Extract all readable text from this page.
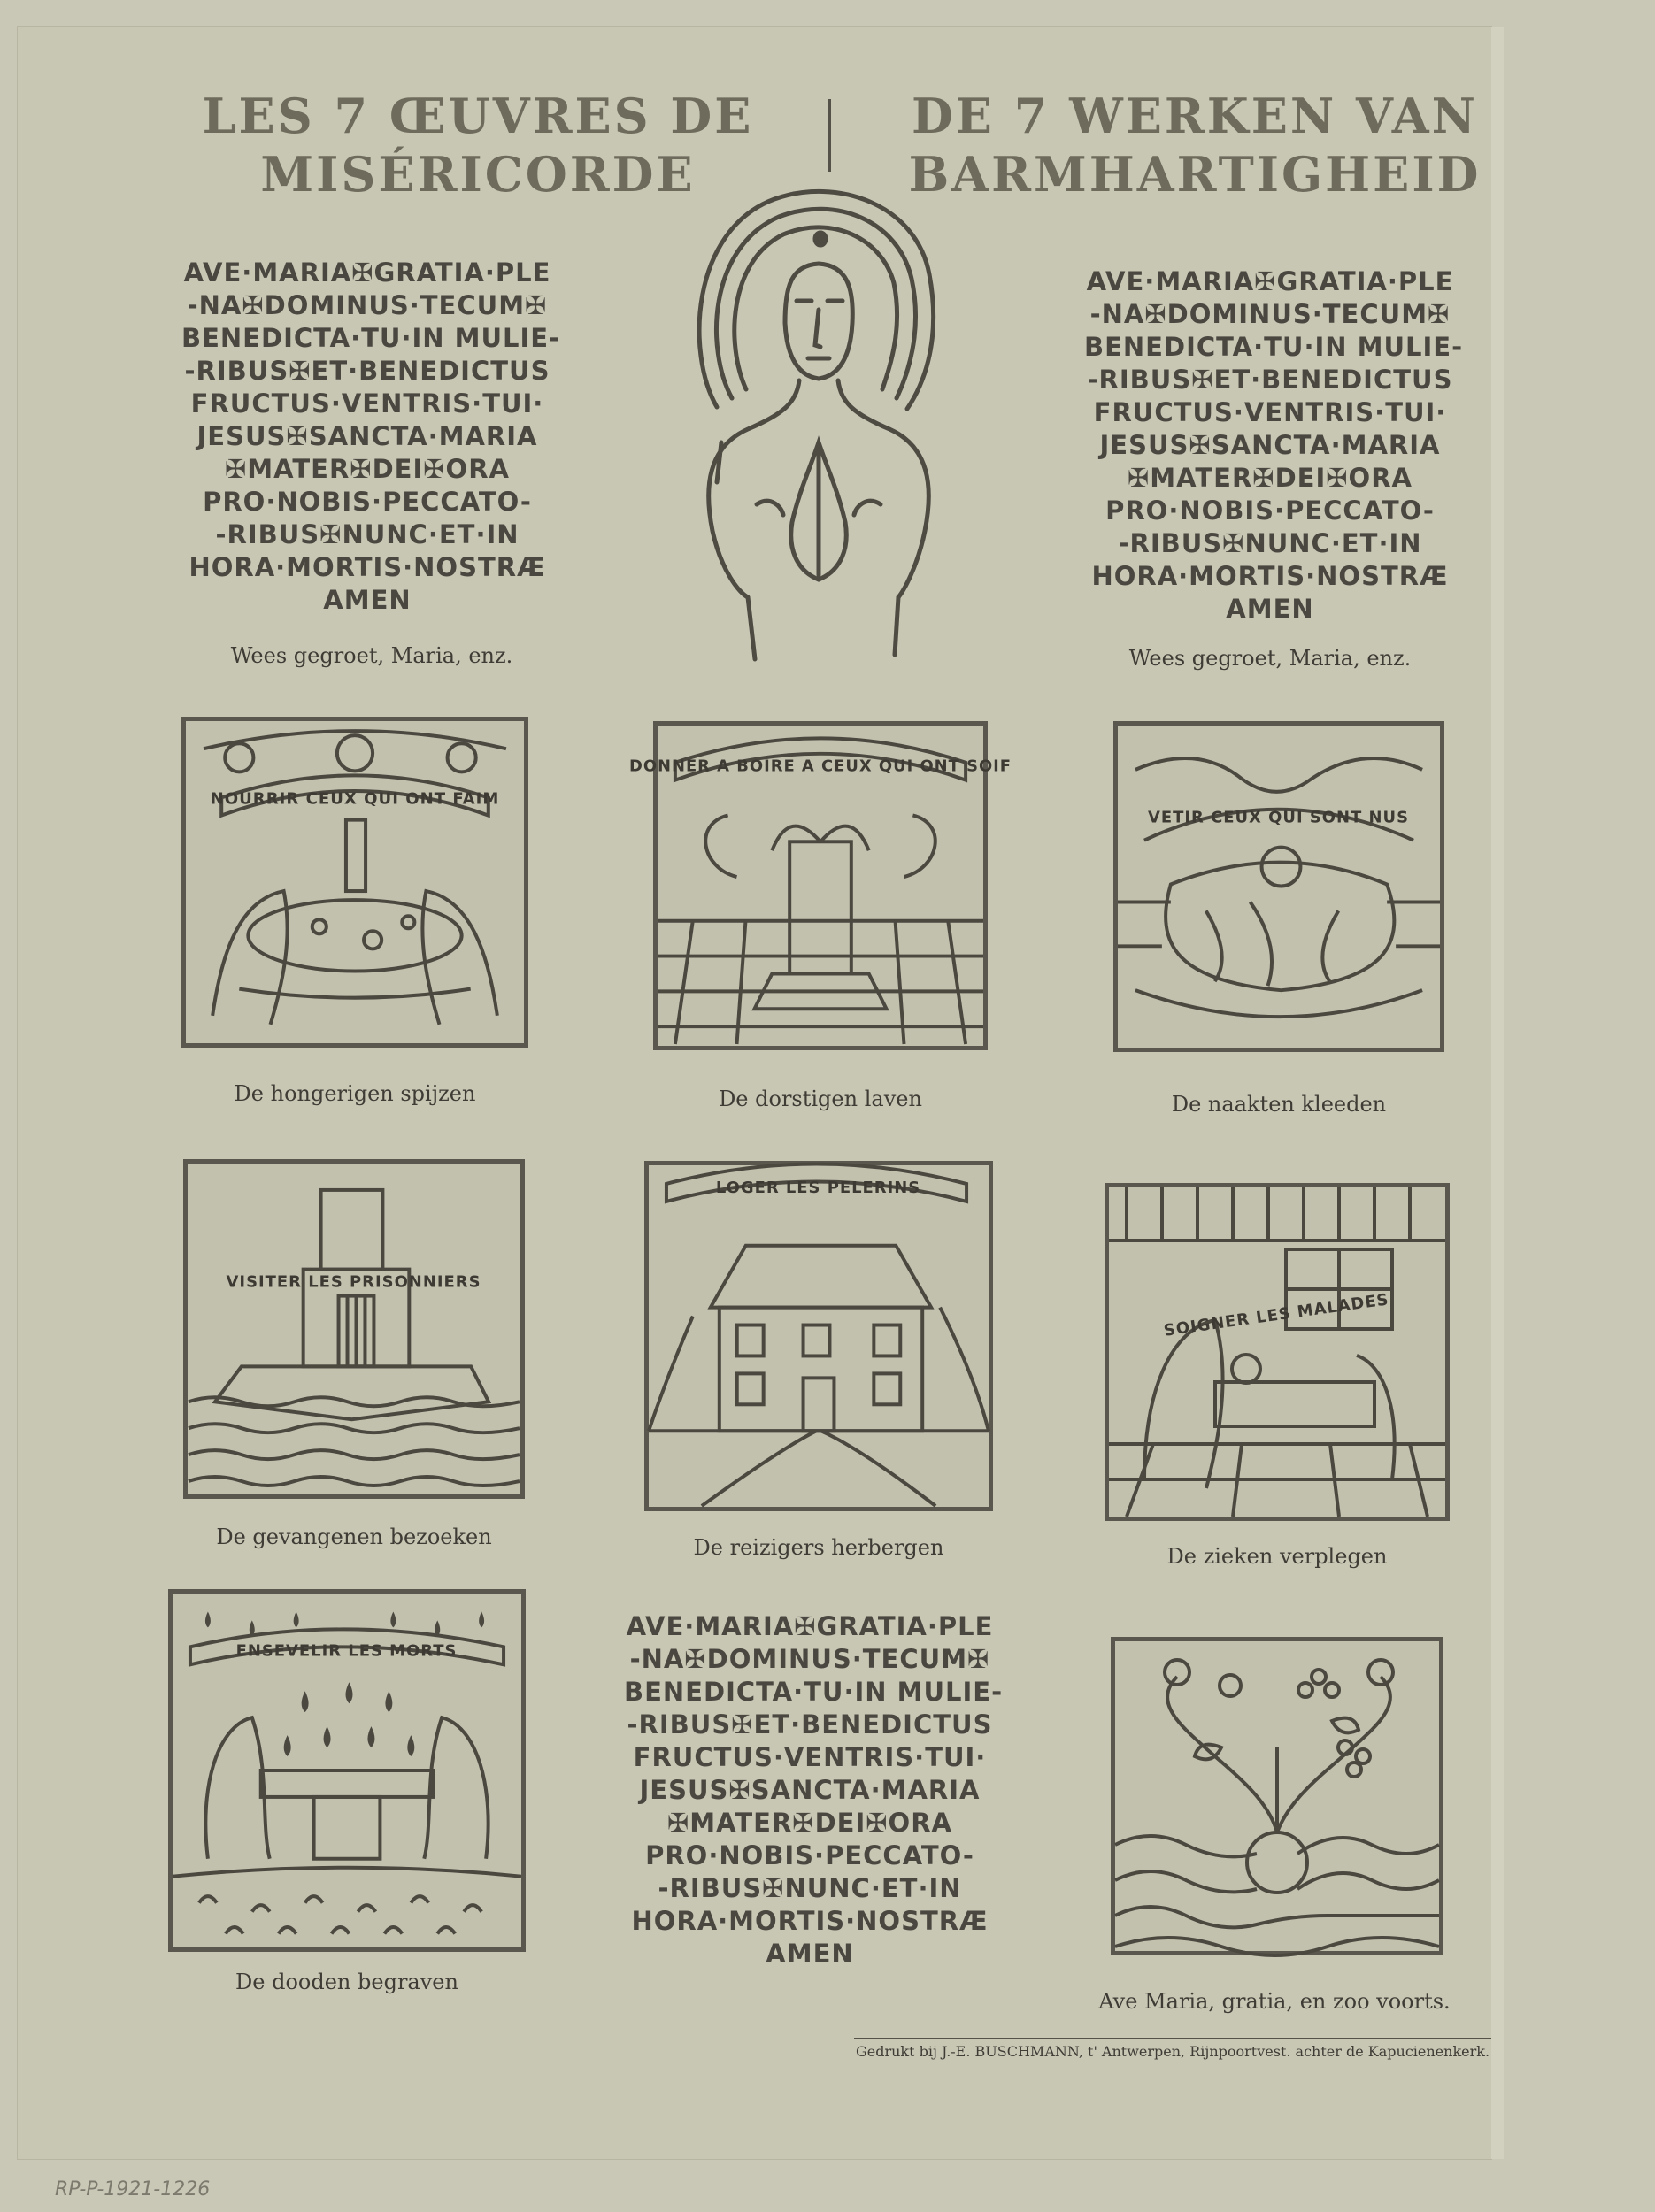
LES 7 ŒUVRES DE
MISÉRICORDE
DE 7 WERKEN VAN
BARMHARTIGHEID
AVE·MARIA✠GRATIA·PLE
-NA✠DOMINUS·TECUM✠
BENEDICTA·TU·IN MULIE-
-RIBUS✠ET·BENEDICTUS
FRUCTUS·VENTRIS·TUI·
JESUS✠SANCTA·MARIA
✠MATER✠DEI✠ORA
PRO·NOBIS·PECCATO-
-RIBUS✠NUNC·ET·IN
HORA·MORTIS·NOSTRÆ
AMEN
Wees gegroet, Maria, enz.
AVE·MARIA✠GRATIA·PLE
-NA✠DOMINUS·TECUM✠
BENEDICTA·TU·IN MULIE-
-RIBUS✠ET·BENEDICTUS
FRUCTUS·VENTRIS·TUI·
JESUS✠SANCTA·MARIA
✠MATER✠DEI✠ORA
PRO·NOBIS·PECCATO-
-RIBUS✠NUNC·ET·IN
HORA·MORTIS·NOSTRÆ
AMEN
Wees gegroet, Maria, enz.
NOURRIR CEUX QUI ONT FAIM
De hongerigen spijzen
DONNER A BOIRE A CEUX QUI ONT SOIF
De dorstigen laven
VETIR CEUX QUI SONT NUS
De naakten kleeden
VISITER LES PRISONNIERS
De gevangenen bezoeken
LOGER LES PELERINS
De reizigers herbergen
SOIGNER LES MALADES
De zieken verplegen
ENSEVELIR LES MORTS
De dooden begraven
AVE·MARIA✠GRATIA·PLE
-NA✠DOMINUS·TECUM✠
BENEDICTA·TU·IN MULIE-
-RIBUS✠ET·BENEDICTUS
FRUCTUS·VENTRIS·TUI·
JESUS✠SANCTA·MARIA
✠MATER✠DEI✠ORA
PRO·NOBIS·PECCATO-
-RIBUS✠NUNC·ET·IN
HORA·MORTIS·NOSTRÆ
AMEN
Ave Maria, gratia, en zoo voorts.
Gedrukt bij J.-E. BUSCHMANN, t' Antwerpen, Rijnpoortvest. achter de Kapucienenkerk.
RP-P-1921-1226
